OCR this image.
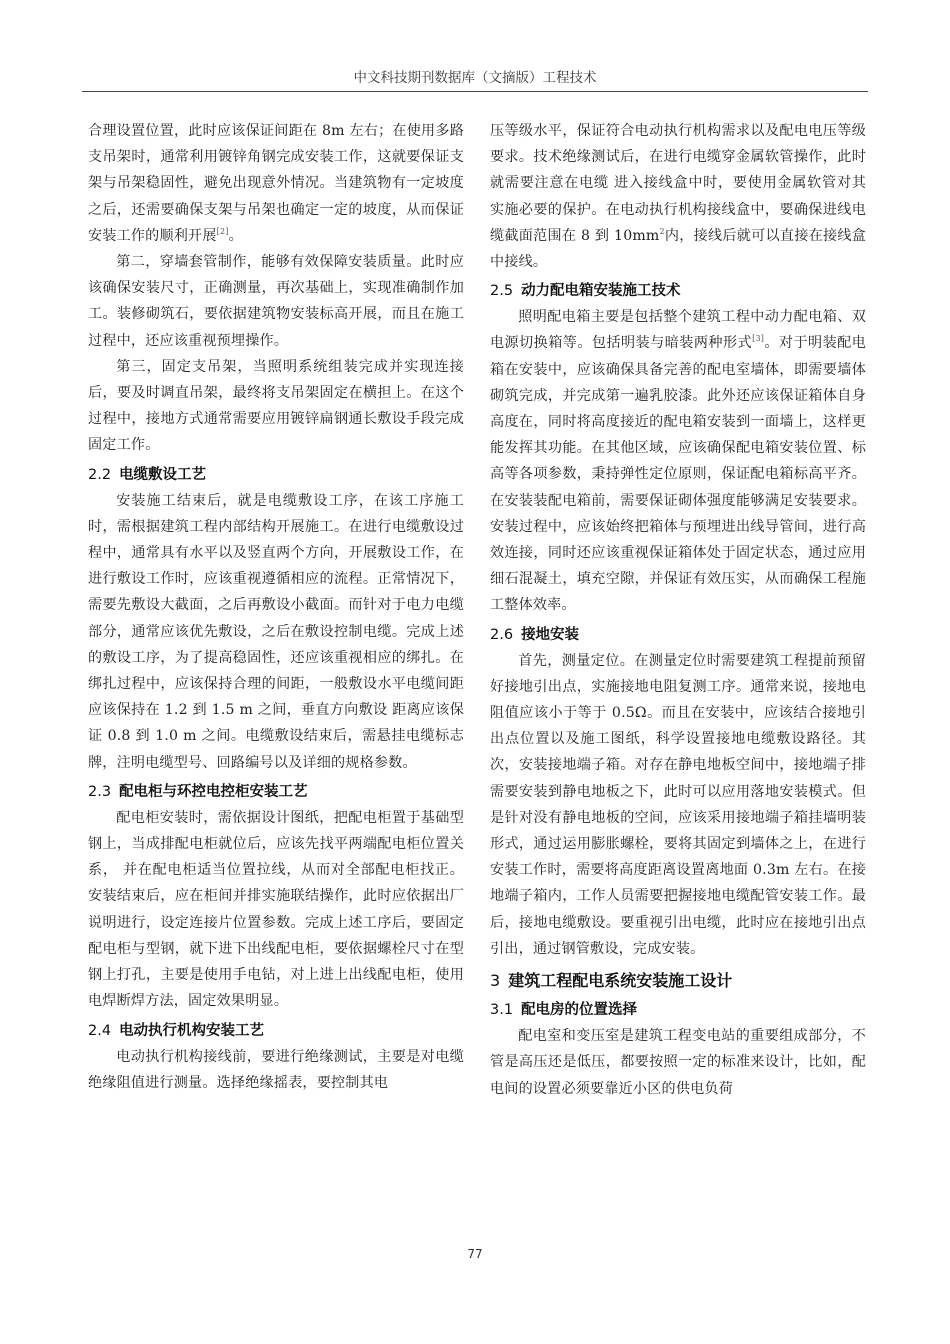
中文科技期刊数据库（文摘版）工程技术

合理设置位置，此时应该保证间距在 8m 左右；在使用多路支吊架时，通常利用镀锌角钢完成安装工作，这就要保证支架与吊架稳固性，避免出现意外情况。当建筑物有一定坡度之后，还需要确保支架与吊架也确定一定的坡度，从而保证安装工作的顺利开展[2]。

第二，穿墙套管制作，能够有效保障安装质量。此时应该确保安装尺寸，正确测量，再次基础上，实现准确制作加工。装修砌筑石，要依据建筑物安装标高开展，而且在施工过程中，还应该重视预埋操作。

第三，固定支吊架，当照明系统组装完成并实现连接后，要及时调直吊架，最终将支吊架固定在横担上。在这个过程中，接地方式通常需要应用镀锌扁钢通长敷设手段完成固定工作。

2.2 电缆敷设工艺

安装施工结束后，就是电缆敷设工序，在该工序施工时，需根据建筑工程内部结构开展施工。在进行电缆敷设过程中，通常具有水平以及竖直两个方向，开展敷设工作，在进行敷设工作时，应该重视遵循相应的流程。正常情况下，需要先敷设大截面，之后再敷设小截面。而针对于电力电缆部分，通常应该优先敷设，之后在敷设控制电缆。完成上述的敷设工序，为了提高稳固性，还应该重视相应的绑扎。在绑扎过程中，应该保持合理的间距，一般敷设水平电缆间距应该保持在 1.2 到 1.5 m 之间，垂直方向敷设 距离应该保证 0.8 到 1.0 m 之间。电缆敷设结束后，需悬挂电缆标志牌，注明电缆型号、回路编号以及详细的规格参数。

2.3 配电柜与环控电控柜安装工艺

配电柜安装时，需依据设计图纸，把配电柜置于基础型钢上，当成排配电柜就位后，应该先找平两端配电柜位置关系， 并在配电柜适当位置拉线，从而对全部配电柜找正。安装结束后，应在柜间并排实施联结操作，此时应依据出厂说明进行，设定连接片位置参数。完成上述工序后，要固定配电柜与型钢，就下进下出线配电柜，要依据螺栓尺寸在型钢上打孔，主要是使用手电钻，对上进上出线配电柜，使用电焊断焊方法，固定效果明显。

2.4 电动执行机构安装工艺

电动执行机构接线前，要进行绝缘测试，主要是对电缆绝缘阻值进行测量。选择绝缘摇表，要控制其电

压等级水平，保证符合电动执行机构需求以及配电电压等级要求。技术绝缘测试后，在进行电缆穿金属软管操作，此时就需要注意在电缆 进入接线盒中时，要使用金属软管对其实施必要的保护。在电动执行机构接线盒中，要确保进线电缆截面范围在 8 到 $10mm^2$内，接线后就可以直接在接线盒中接线。

2.5 动力配电箱安装施工技术

照明配电箱主要是包括整个建筑工程中动力配电箱、双电源切换箱等。包括明装与暗装两种形式[3]。对于明装配电箱在安装中，应该确保具备完善的配电室墙体，即需要墙体砌筑完成，并完成第一遍乳胶漆。此外还应该保证箱体自身高度在，同时将高度接近的配电箱安装到一面墙上，这样更能发挥其功能。在其他区域，应该确保配电箱安装位置、标高等各项参数，秉持弹性定位原则，保证配电箱标高平齐。在安装装配电箱前，需要保证砌体强度能够满足安装要求。安装过程中，应该始终把箱体与预埋进出线导管间，进行高效连接，同时还应该重视保证箱体处于固定状态，通过应用细石混凝土，填充空隙，并保证有效压实，从而确保工程施工整体效率。

2.6 接地安装

首先，测量定位。在测量定位时需要建筑工程提前预留好接地引出点，实施接地电阻复测工序。通常来说，接地电阻值应该小于等于 0.5Ω。而且在安装中，应该结合接地引出点位置以及施工图纸，科学设置接地电缆敷设路径。其次，安装接地端子箱。对存在静电地板空间中，接地端子排需要安装到静电地板之下，此时可以应用落地安装模式。但是针对没有静电地板的空间，应该采用接地端子箱挂墙明装形式，通过运用膨胀螺栓，要将其固定到墙体之上，在进行安装工作时，需要将高度距离设置离地面 0.3m 左右。在接地端子箱内，工作人员需要把握接地电缆配管安装工作。最后，接地电缆敷设。要重视引出电缆，此时应在接地引出点引出，通过钢管敷设，完成安装。

3 建筑工程配电系统安装施工设计
3.1 配电房的位置选择

配电室和变压室是建筑工程变电站的重要组成部分，不管是高压还是低压，都要按照一定的标准来设计，比如，配电间的设置必须要靠近小区的供电负荷

77
